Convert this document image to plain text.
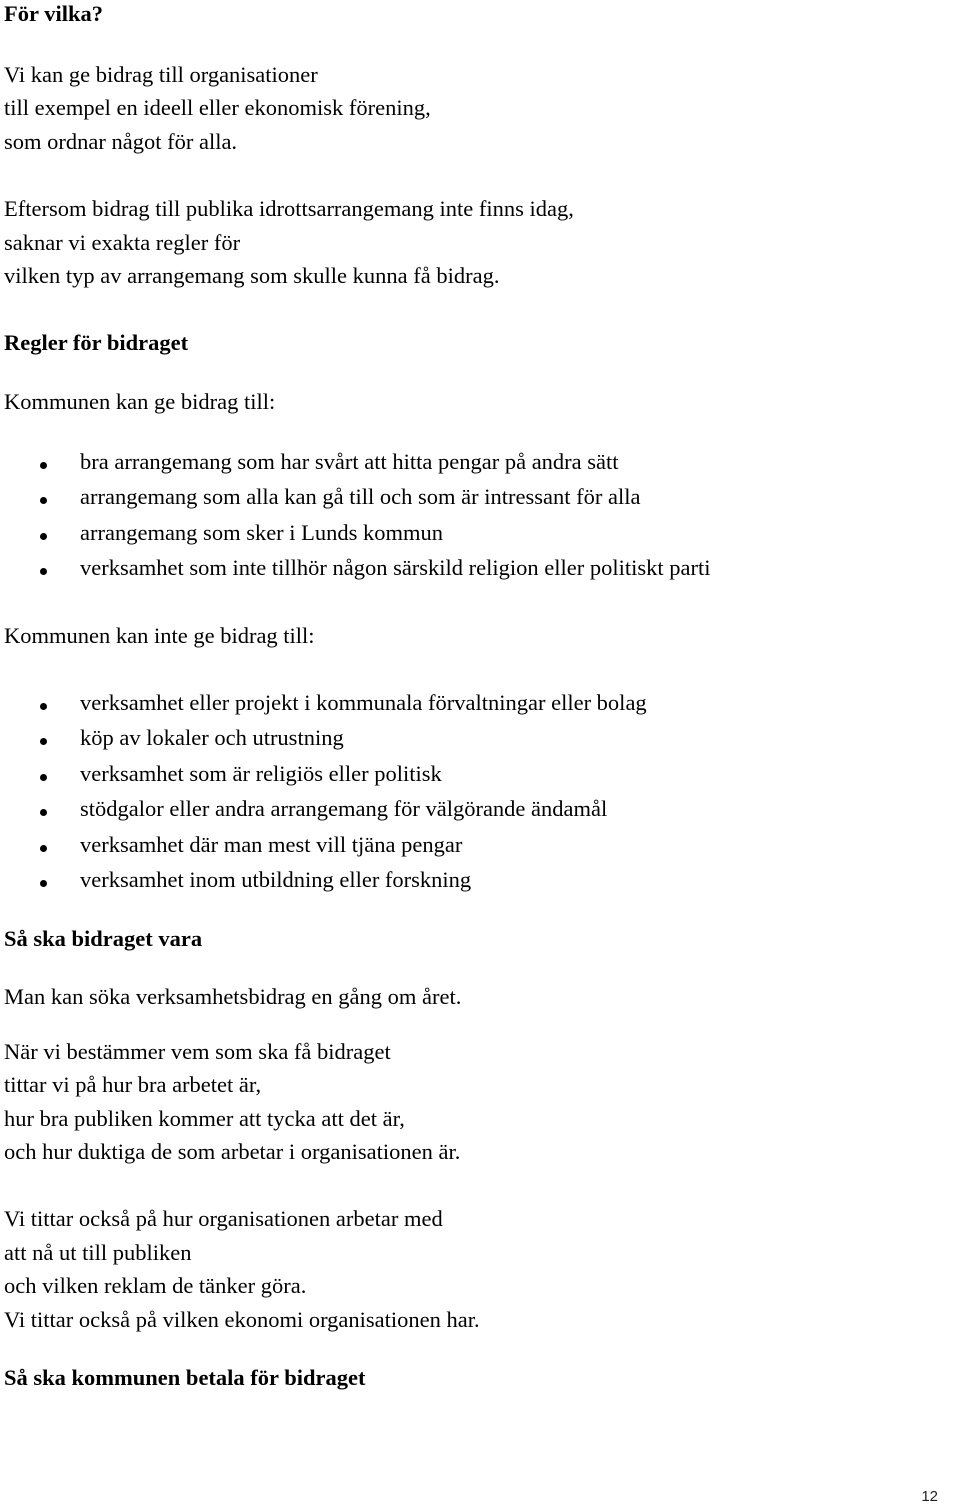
För vilka?

Vi kan ge bidrag till organisationer

till exempel en ideell eller ekonomisk förening,

som ordnar något för alla.

Eftersom bidrag till publika idrottsarrangemang inte finns idag,

saknar vi exakta regler för

vilken typ av arrangemang som skulle kunna få bidrag.

Regler för bidraget

Kommunen kan ge bidrag till:

bra arrangemang som har svårt att hitta pengar på andra sätt

arrangemang som alla kan gå till och som är intressant för alla

arrangemang som sker i Lunds kommun

verksamhet som inte tillhör någon särskild religion eller politiskt parti

Kommunen kan inte ge bidrag till:

verksamhet eller projekt i kommunala förvaltningar eller bolag

köp av lokaler och utrustning

verksamhet som är religiös eller politisk

stödgalor eller andra arrangemang för välgörande ändamål

verksamhet där man mest vill tjäna pengar

verksamhet inom utbildning eller forskning

Så ska bidraget vara

Man kan söka verksamhetsbidrag en gång om året.

När vi bestämmer vem som ska få bidraget

tittar vi på hur bra arbetet är,

hur bra publiken kommer att tycka att det är,

och hur duktiga de som arbetar i organisationen är.

Vi tittar också på hur organisationen arbetar med

att nå ut till publiken

och vilken reklam de tänker göra.

Vi tittar också på vilken ekonomi organisationen har.

Så ska kommunen betala för bidraget

12
